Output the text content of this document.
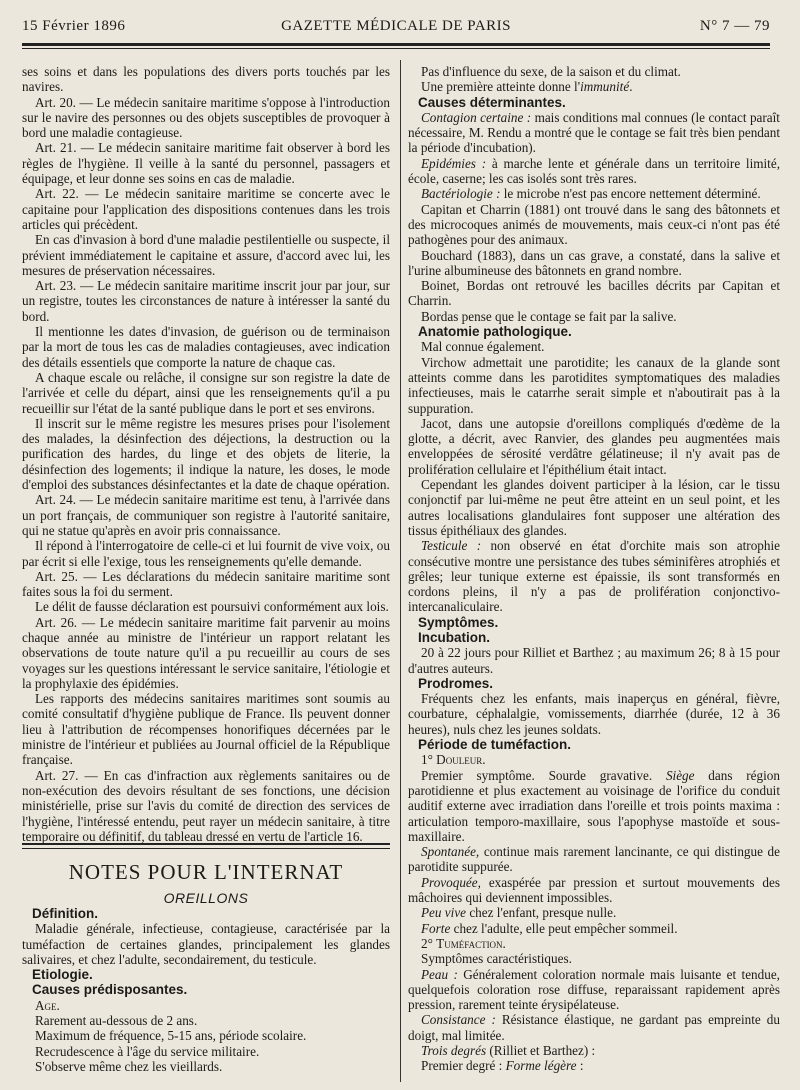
15 Février 1896	GAZETTE MÉDICALE DE PARIS	N° 7 — 79

ses soins et dans les populations des divers ports touchés par les navires.

Art. 20. — Le médecin sanitaire maritime s'oppose à l'introduction sur le navire des personnes ou des objets susceptibles de provoquer à bord une maladie contagieuse.

Art. 21. — Le médecin sanitaire maritime fait observer à bord les règles de l'hygiène. Il veille à la santé du personnel, passagers et équipage, et leur donne ses soins en cas de maladie.

Art. 22. — Le médecin sanitaire maritime se concerte avec le capitaine pour l'application des dispositions contenues dans les trois articles qui précèdent.

En cas d'invasion à bord d'une maladie pestilentielle ou suspecte, il prévient immédiatement le capitaine et assure, d'accord avec lui, les mesures de préservation nécessaires.

Art. 23. — Le médecin sanitaire maritime inscrit jour par jour, sur un registre, toutes les circonstances de nature à intéresser la santé du bord.

Il mentionne les dates d'invasion, de guérison ou de terminaison par la mort de tous les cas de maladies contagieuses, avec indication des détails essentiels que comporte la nature de chaque cas.

A chaque escale ou relâche, il consigne sur son registre la date de l'arrivée et celle du départ, ainsi que les renseignements qu'il a pu recueillir sur l'état de la santé publique dans le port et ses environs.

Il inscrit sur le même registre les mesures prises pour l'isolement des malades, la désinfection des déjections, la destruction ou la purification des hardes, du linge et des objets de literie, la désinfection des logements; il indique la nature, les doses, le mode d'emploi des substances désinfectantes et la date de chaque opération.

Art. 24. — Le médecin sanitaire maritime est tenu, à l'arrivée dans un port français, de communiquer son registre à l'autorité sanitaire, qui ne statue qu'après en avoir pris connaissance.

Il répond à l'interrogatoire de celle-ci et lui fournit de vive voix, ou par écrit si elle l'exige, tous les renseignements qu'elle demande.

Art. 25. — Les déclarations du médecin sanitaire maritime sont faites sous la foi du serment.

Le délit de fausse déclaration est poursuivi conformément aux lois.

Art. 26. — Le médecin sanitaire maritime fait parvenir au moins chaque année au ministre de l'intérieur un rapport relatant les observations de toute nature qu'il a pu recueillir au cours de ses voyages sur les questions intéressant le service sanitaire, l'étiologie et la prophylaxie des épidémies.

Les rapports des médecins sanitaires maritimes sont soumis au comité consultatif d'hygiène publique de France. Ils peuvent donner lieu à l'attribution de récompenses honorifiques décernées par le ministre de l'intérieur et publiées au Journal officiel de la République française.

Art. 27. — En cas d'infraction aux règlements sanitaires ou de non-exécution des devoirs résultant de ses fonctions, une décision ministérielle, prise sur l'avis du comité de direction des services de l'hygiène, l'intéressé entendu, peut rayer un médecin sanitaire, à titre temporaire ou définitif, du tableau dressé en vertu de l'article 16.

NOTES POUR L'INTERNAT
OREILLONS
Définition.

Maladie générale, infectieuse, contagieuse, caractérisée par la tuméfaction de certaines glandes, principalement les glandes salivaires, et chez l'adulte, secondairement, du testicule.

Etiologie.
Causes prédisposantes.

Age.

Rarement au-dessous de 2 ans.

Maximum de fréquence, 5-15 ans, période scolaire.

Recrudescence à l'âge du service militaire.

S'observe même chez les vieillards.

Pas d'influence du sexe, de la saison et du climat.

Une première atteinte donne l'immunité.

Causes déterminantes.

Contagion certaine : mais conditions mal connues (le contact paraît nécessaire, M. Rendu a montré que le contage se fait très bien pendant la période d'incubation).

Epidémies : à marche lente et générale dans un territoire limité, école, caserne; les cas isolés sont très rares.

Bactériologie : le microbe n'est pas encore nettement déterminé.

Capitan et Charrin (1881) ont trouvé dans le sang des bâtonnets et des microcoques animés de mouvements, mais ceux-ci n'ont pas été pathogènes pour des animaux.

Bouchard (1883), dans un cas grave, a constaté, dans la salive et l'urine albumineuse des bâtonnets en grand nombre.

Boinet, Bordas ont retrouvé les bacilles décrits par Capitan et Charrin.

Bordas pense que le contage se fait par la salive.

Anatomie pathologique.

Mal connue également.

Virchow admettait une parotidite; les canaux de la glande sont atteints comme dans les parotidites symptomatiques des maladies infectieuses, mais le catarrhe serait simple et n'aboutirait pas à la suppuration.

Jacot, dans une autopsie d'oreillons compliqués d'œdème de la glotte, a décrit, avec Ranvier, des glandes peu augmentées mais enveloppées de sérosité verdâtre gélatineuse; il n'y avait pas de prolifération cellulaire et l'épithélium était intact.

Cependant les glandes doivent participer à la lésion, car le tissu conjonctif par lui-même ne peut être atteint en un seul point, et les autres localisations glandulaires font supposer une altération des tissus épithéliaux des glandes.

Testicule : non observé en état d'orchite mais son atrophie consécutive montre une persistance des tubes séminifères atrophiés et grêles; leur tunique externe est épaissie, ils sont transformés en cordons pleins, il n'y a pas de prolifération conjonctivo-intercanaliculaire.

Symptômes.
Incubation.

20 à 22 jours pour Rilliet et Barthez ; au maximum 26; 8 à 15 pour d'autres auteurs.

Prodromes.

Fréquents chez les enfants, mais inaperçus en général, fièvre, courbature, céphalalgie, vomissements, diarrhée (durée, 12 à 36 heures), nuls chez les jeunes soldats.

Période de tuméfaction.

1° Douleur.

Premier symptôme. Sourde gravative. Siège dans région parotidienne et plus exactement au voisinage de l'orifice du conduit auditif externe avec irradiation dans l'oreille et trois points maxima : articulation temporo-maxillaire, sous l'apophyse mastoïde et sous-maxillaire.

Spontanée, continue mais rarement lancinante, ce qui distingue de parotidite suppurée.

Provoquée, exaspérée par pression et surtout mouvements des mâchoires qui deviennent impossibles.

Peu vive chez l'enfant, presque nulle.

Forte chez l'adulte, elle peut empêcher sommeil.

2° Tuméfaction.

Symptômes caractéristiques.

Peau : Généralement coloration normale mais luisante et tendue, quelquefois coloration rose diffuse, reparaissant rapidement après pression, rarement teinte érysipélateuse.

Consistance : Résistance élastique, ne gardant pas empreinte du doigt, mal limitée.

Trois degrés (Rilliet et Barthez) :

Premier degré : Forme légère :
